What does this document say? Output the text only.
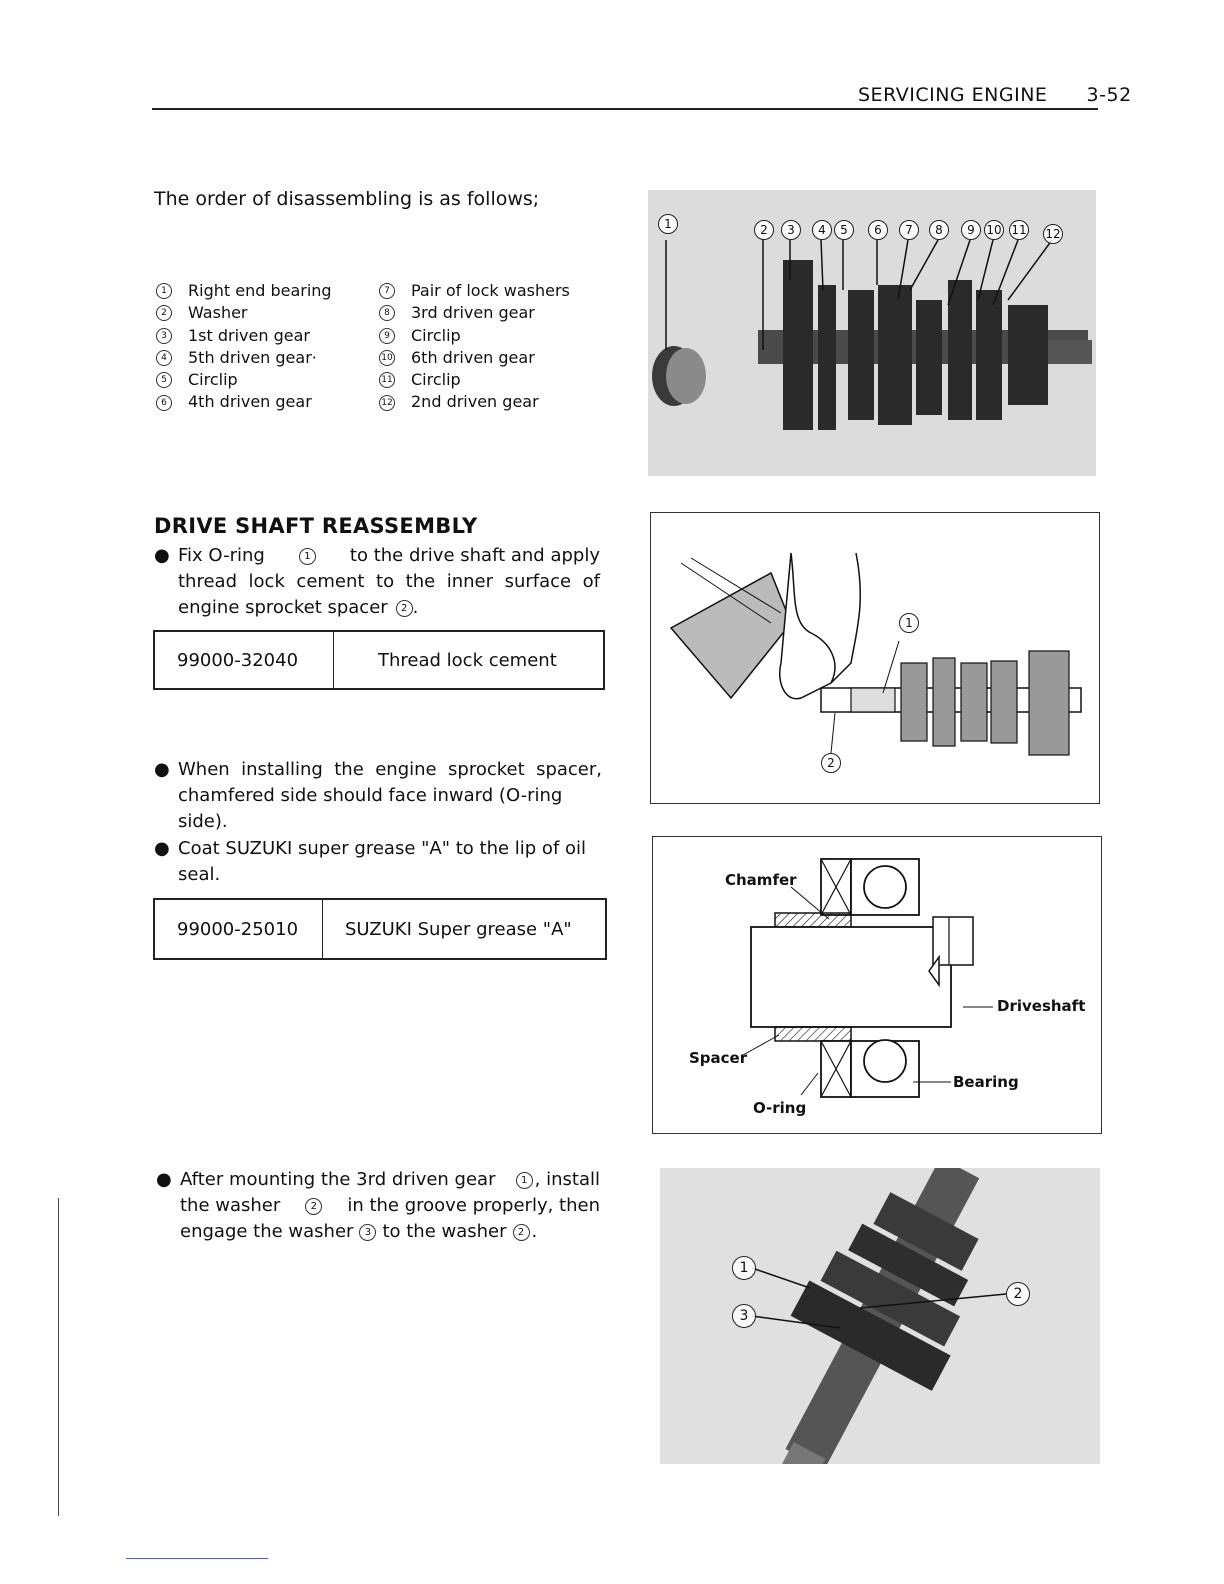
SERVICING ENGINE 3-52
The order of disassembling is as follows;
1	Right end bearing
2	Washer
3	1st driven gear
4	5th driven gear·
5	Circlip
6	4th driven gear
7	Pair of lock washers
8	3rd driven gear
9	Circlip
10 6th driven gear
11 Circlip
12 2nd driven gear
1	2	3	4	5	6	7	8	9 10 11 12
DRIVE SHAFT REASSEMBLY
● Fix O-ring	1 to the drive shaft and apply
thread lock cement to the inner surface of
engine sprocket spacer	2 .
99000-32040	Thread lock cement
1
2
● When installing the engine sprocket spacer,
chamfered side should face inward (O-ring side).
● Coat SUZUKI super grease "A" to the lip of oil
seal.
99000-25010	SUZUKI Super grease "A"
Chamfer
Driveshaft
Spacer
Bearing
O-ring
● After mounting the 3rd driven gear	1 , install
the washer	2 in the groove properly, then
engage the washer	3 to the washer	2 .
1
2
3
